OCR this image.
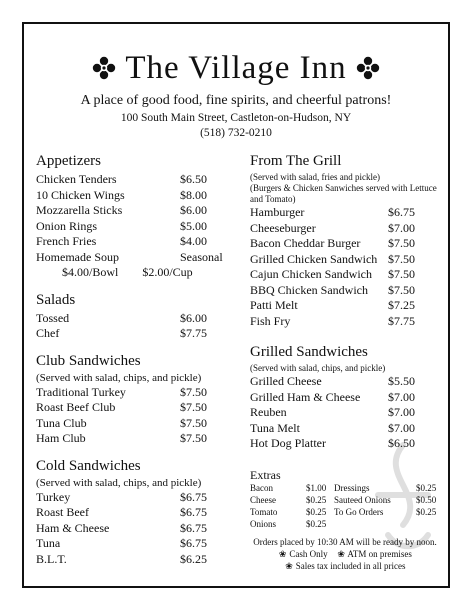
The Village Inn
A place of good food, fine spirits, and cheerful patrons!
100 South Main Street, Castleton-on-Hudson, NY
(518) 732-0210
Appetizers
Chicken Tenders	$6.50
10 Chicken Wings	$8.00
Mozzarella Sticks	$6.00
Onion Rings	$5.00
French Fries	$4.00
Homemade Soup	Seasonal
$4.00/Bowl $2.00/Cup
Salads
Tossed	$6.00
Chef	$7.75
Club Sandwiches
(Served with salad, chips, and pickle)
Traditional Turkey	$7.50
Roast Beef Club	$7.50
Tuna Club	$7.50
Ham Club	$7.50
Cold Sandwiches
(Served with salad, chips, and pickle)
Turkey	$6.75
Roast Beef	$6.75
Ham & Cheese	$6.75
Tuna	$6.75
B.L.T.	$6.25
From The Grill
(Served with salad, fries and pickle)
(Burgers & Chicken Sanwiches served with Lettuce and Tomato)
Hamburger	$6.75
Cheeseburger	$7.00
Bacon Cheddar Burger	$7.50
Grilled Chicken Sandwich $7.50
Cajun Chicken Sandwich	$7.50
BBQ Chicken Sandwich	$7.50
Patti Melt	$7.25
Fish Fry	$7.75
Grilled Sandwiches
(Served with salad, chips, and pickle)
Grilled Cheese	$5.50
Grilled Ham & Cheese	$7.00
Reuben	$7.00
Tuna Melt	$7.00
Hot Dog Platter	$6.50
Extras
Bacon	$1.00 Dressings	$0.25
Cheese	$0.25 Sauteed Onions	$0.50
Tomato	$0.25 To Go Orders	$0.25
Onions	$0.25
Orders placed by 10:30 AM will be ready by noon.
❀ Cash Only ❀ ATM on premises
❀ Sales tax included in all prices
